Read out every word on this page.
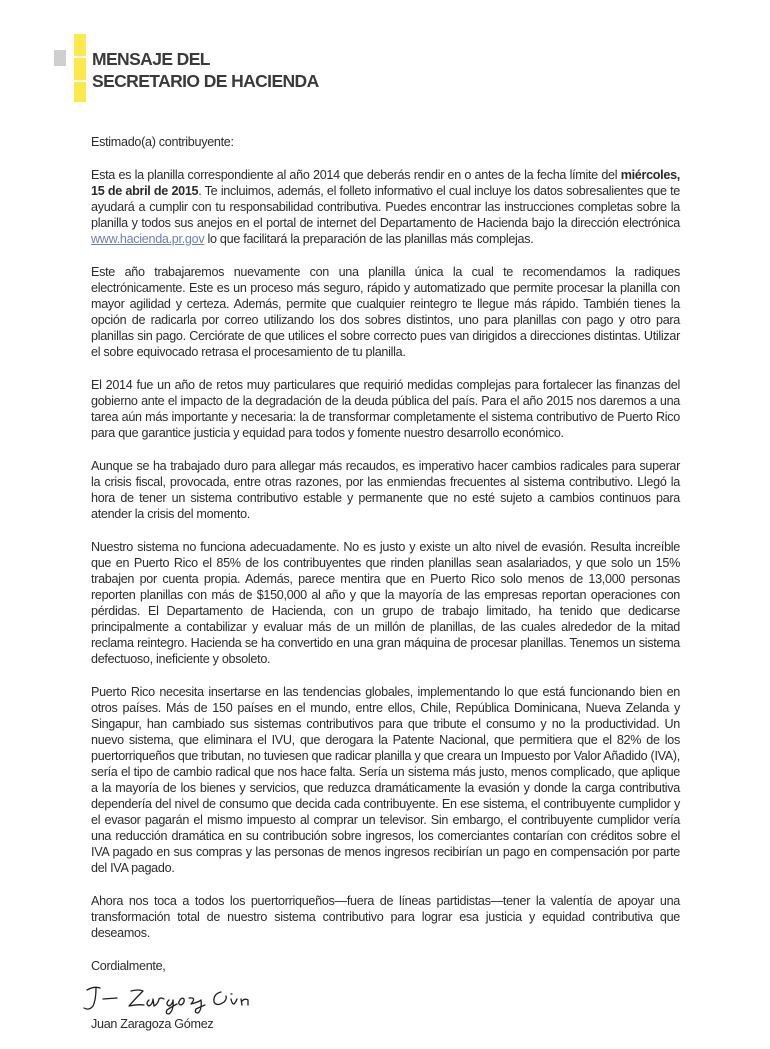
MENSAJE DEL
SECRETARIO DE HACIENDA

Estimado(a) contribuyente:

Esta es la planilla correspondiente al año 2014 que deberás rendir en o antes de la fecha límite del miércoles, 15 de abril de 2015. Te incluimos, además, el folleto informativo el cual incluye los datos sobresalientes que te ayudará a cumplir con tu responsabilidad contributiva. Puedes encontrar las instrucciones completas sobre la planilla y todos sus anejos en el portal de internet del Departamento de Hacienda bajo la dirección electrónica www.hacienda.pr.gov lo que facilitará la preparación de las planillas más complejas.

Este año trabajaremos nuevamente con una planilla única la cual te recomendamos la radiques electrónicamente. Este es un proceso más seguro, rápido y automatizado que permite procesar la planilla con mayor agilidad y certeza. Además, permite que cualquier reintegro te llegue más rápido. También tienes la opción de radicarla por correo utilizando los dos sobres distintos, uno para planillas con pago y otro para planillas sin pago. Cerciórate de que utilices el sobre correcto pues van dirigidos a direcciones distintas. Utilizar el sobre equivocado retrasa el procesamiento de tu planilla.

El 2014 fue un año de retos muy particulares que requirió medidas complejas para fortalecer las finanzas del gobierno ante el impacto de la degradación de la deuda pública del país. Para el año 2015 nos daremos a una tarea aún más importante y necesaria: la de transformar completamente el sistema contributivo de Puerto Rico para que garantice justicia y equidad para todos y fomente nuestro desarrollo económico.

Aunque se ha trabajado duro para allegar más recaudos, es imperativo hacer cambios radicales para superar la crisis fiscal, provocada, entre otras razones, por las enmiendas frecuentes al sistema contributivo. Llegó la hora de tener un sistema contributivo estable y permanente que no esté sujeto a cambios continuos para atender la crisis del momento.

Nuestro sistema no funciona adecuadamente. No es justo y existe un alto nivel de evasión. Resulta increíble que en Puerto Rico el 85% de los contribuyentes que rinden planillas sean asalariados, y que solo un 15% trabajen por cuenta propia. Además, parece mentira que en Puerto Rico solo menos de 13,000 personas reporten planillas con más de $150,000 al año y que la mayoría de las empresas reportan operaciones con pérdidas. El Departamento de Hacienda, con un grupo de trabajo limitado, ha tenido que dedicarse principalmente a contabilizar y evaluar más de un millón de planillas, de las cuales alrededor de la mitad reclama reintegro. Hacienda se ha convertido en una gran máquina de procesar planillas. Tenemos un sistema defectuoso, ineficiente y obsoleto.

Puerto Rico necesita insertarse en las tendencias globales, implementando lo que está funcionando bien en otros países. Más de 150 países en el mundo, entre ellos, Chile, República Dominicana, Nueva Zelanda y Singapur, han cambiado sus sistemas contributivos para que tribute el consumo y no la productividad. Un nuevo sistema, que eliminara el IVU, que derogara la Patente Nacional, que permitiera que el 82% de los puertorriqueños que tributan, no tuviesen que radicar planilla y que creara un Impuesto por Valor Añadido (IVA), sería el tipo de cambio radical que nos hace falta. Sería un sistema más justo, menos complicado, que aplique a la mayoría de los bienes y servicios, que reduzca dramáticamente la evasión y donde la carga contributiva dependería del nivel de consumo que decida cada contribuyente. En ese sistema, el contribuyente cumplidor y el evasor pagarán el mismo impuesto al comprar un televisor. Sin embargo, el contribuyente cumplidor vería una reducción dramática en su contribución sobre ingresos, los comerciantes contarían con créditos sobre el IVA pagado en sus compras y las personas de menos ingresos recibirían un pago en compensación por parte del IVA pagado.

Ahora nos toca a todos los puertorriqueños—fuera de líneas partidistas—tener la valentía de apoyar una transformación total de nuestro sistema contributivo para lograr esa justicia y equidad contributiva que deseamos.

Cordialmente,

Juan Zaragoza Gómez
